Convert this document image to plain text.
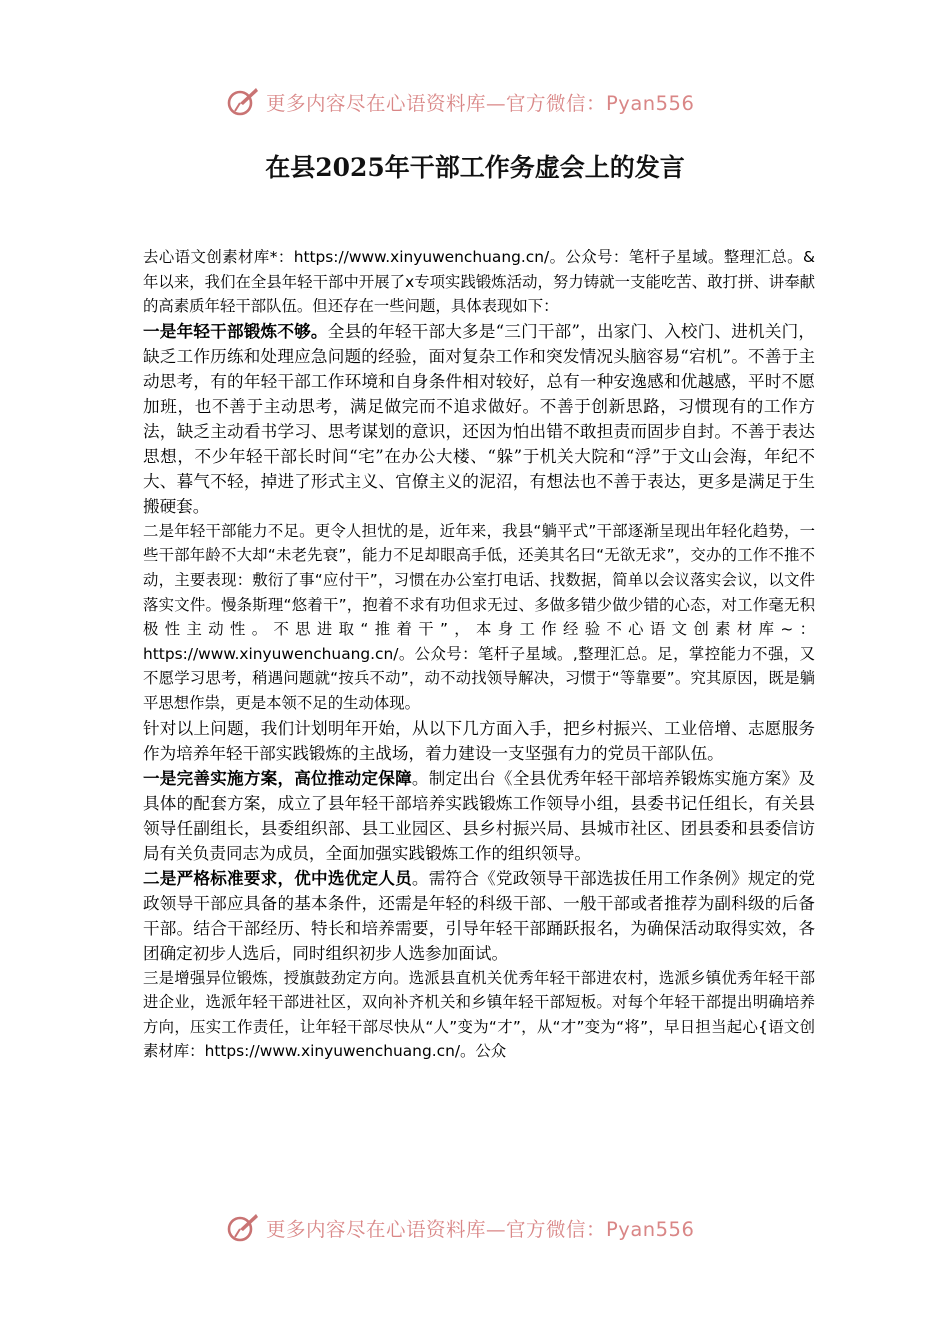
更多内容尽在心语资料库—官方微信：Pyan556
在县2025年干部工作务虚会上的发言

去心语文创素材库*：https://www.xinyuwenchuang.cn/。公众号：笔杆子星域。整理汇总。&年以来，我们在全县年轻干部中开展了x专项实践锻炼活动，努力铸就一支能吃苦、敢打拼、讲奉献的高素质年轻干部队伍。但还存在一些问题，具体表现如下：

一是年轻干部锻炼不够。全县的年轻干部大多是“三门干部”，出家门、入校门、进机关门，缺乏工作历练和处理应急问题的经验，面对复杂工作和突发情况头脑容易“宕机”。不善于主动思考，有的年轻干部工作环境和自身条件相对较好，总有一种安逸感和优越感，平时不愿加班，也不善于主动思考，满足做完而不追求做好。不善于创新思路，习惯现有的工作方法，缺乏主动看书学习、思考谋划的意识，还因为怕出错不敢担责而固步自封。不善于表达思想，不少年轻干部长时间“宅”在办公大楼、“躲”于机关大院和“浮”于文山会海，年纪不大、暮气不轻，掉进了形式主义、官僚主义的泥沼，有想法也不善于表达，更多是满足于生搬硬套。

二是年轻干部能力不足。更令人担忧的是，近年来，我县“躺平式”干部逐渐呈现出年轻化趋势，一些干部年龄不大却“未老先衰”，能力不足却眼高手低，还美其名曰“无欲无求”，交办的工作不推不动，主要表现：敷衍了事“应付干”，习惯在办公室打电话、找数据，简单以会议落实会议，以文件落实文件。慢条斯理“悠着干”，抱着不求有功但求无过、多做多错少做少错的心态，对工作毫无积极性主动性。不思进取“推着干”，本身工作经验不心语文创素材库~：https://www.xinyuwenchuang.cn/。公众号：笔杆子星域。,整理汇总。足，掌控能力不强，又不愿学习思考，稍遇问题就“按兵不动”，动不动找领导解决，习惯于“等靠要”。究其原因，既是躺平思想作祟，更是本领不足的生动体现。

针对以上问题，我们计划明年开始，从以下几方面入手，把乡村振兴、工业倍增、志愿服务作为培养年轻干部实践锻炼的主战场，着力建设一支坚强有力的党员干部队伍。

一是完善实施方案，高位推动定保障。制定出台《全县优秀年轻干部培养锻炼实施方案》及具体的配套方案，成立了县年轻干部培养实践锻炼工作领导小组，县委书记任组长，有关县领导任副组长，县委组织部、县工业园区、县乡村振兴局、县城市社区、团县委和县委信访局有关负责同志为成员，全面加强实践锻炼工作的组织领导。

二是严格标准要求，优中选优定人员。需符合《党政领导干部选拔任用工作条例》规定的党政领导干部应具备的基本条件，还需是年轻的科级干部、一般干部或者推荐为副科级的后备干部。结合干部经历、特长和培养需要，引导年轻干部踊跃报名，为确保活动取得实效，各团确定初步人选后，同时组织初步人选参加面试。

三是增强异位锻炼，授旗鼓劲定方向。选派县直机关优秀年轻干部进农村，选派乡镇优秀年轻干部进企业，选派年轻干部进社区，双向补齐机关和乡镇年轻干部短板。对每个年轻干部提出明确培养方向，压实工作责任，让年轻干部尽快从“人”变为“才”，从“才”变为“将”，早日担当起心{语文创素材库：https://www.xinyuwenchuang.cn/。公众

更多内容尽在心语资料库—官方微信：Pyan556
